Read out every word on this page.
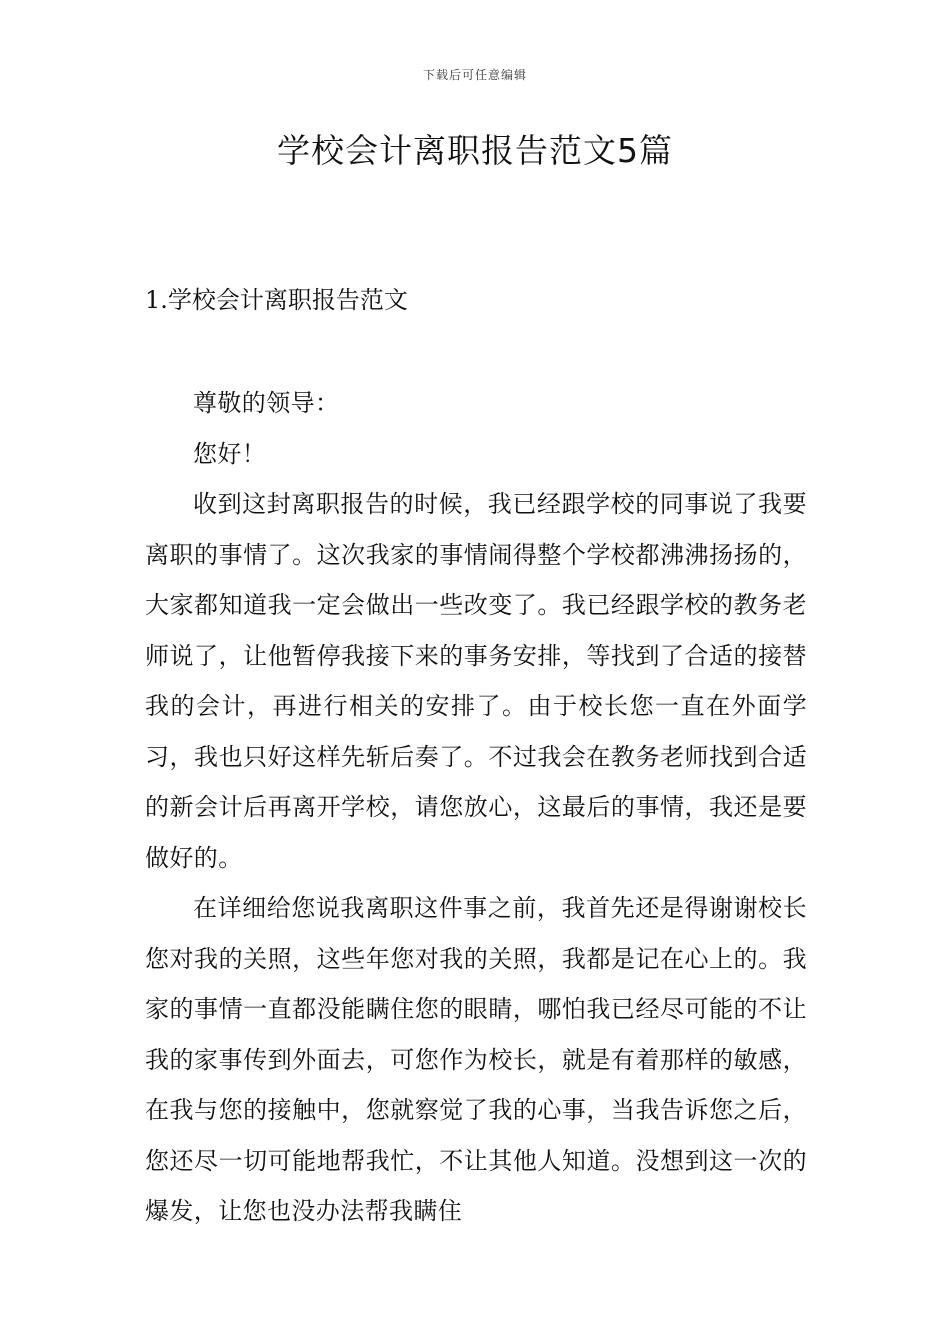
下载后可任意编辑
学校会计离职报告范文5篇
1.学校会计离职报告范文

尊敬的领导：

您好！

收到这封离职报告的时候，我已经跟学校的同事说了我要离职的事情了。这次我家的事情闹得整个学校都沸沸扬扬的，大家都知道我一定会做出一些改变了。我已经跟学校的教务老师说了，让他暂停我接下来的事务安排，等找到了合适的接替我的会计，再进行相关的安排了。由于校长您一直在外面学习，我也只好这样先斩后奏了。不过我会在教务老师找到合适的新会计后再离开学校，请您放心，这最后的事情，我还是要做好的。

在详细给您说我离职这件事之前，我首先还是得谢谢校长您对我的关照，这些年您对我的关照，我都是记在心上的。我家的事情一直都没能瞒住您的眼睛，哪怕我已经尽可能的不让我的家事传到外面去，可您作为校长，就是有着那样的敏感，在我与您的接触中，您就察觉了我的心事，当我告诉您之后，您还尽一切可能地帮我忙，不让其他人知道。没想到这一次的爆发，让您也没办法帮我瞒住
